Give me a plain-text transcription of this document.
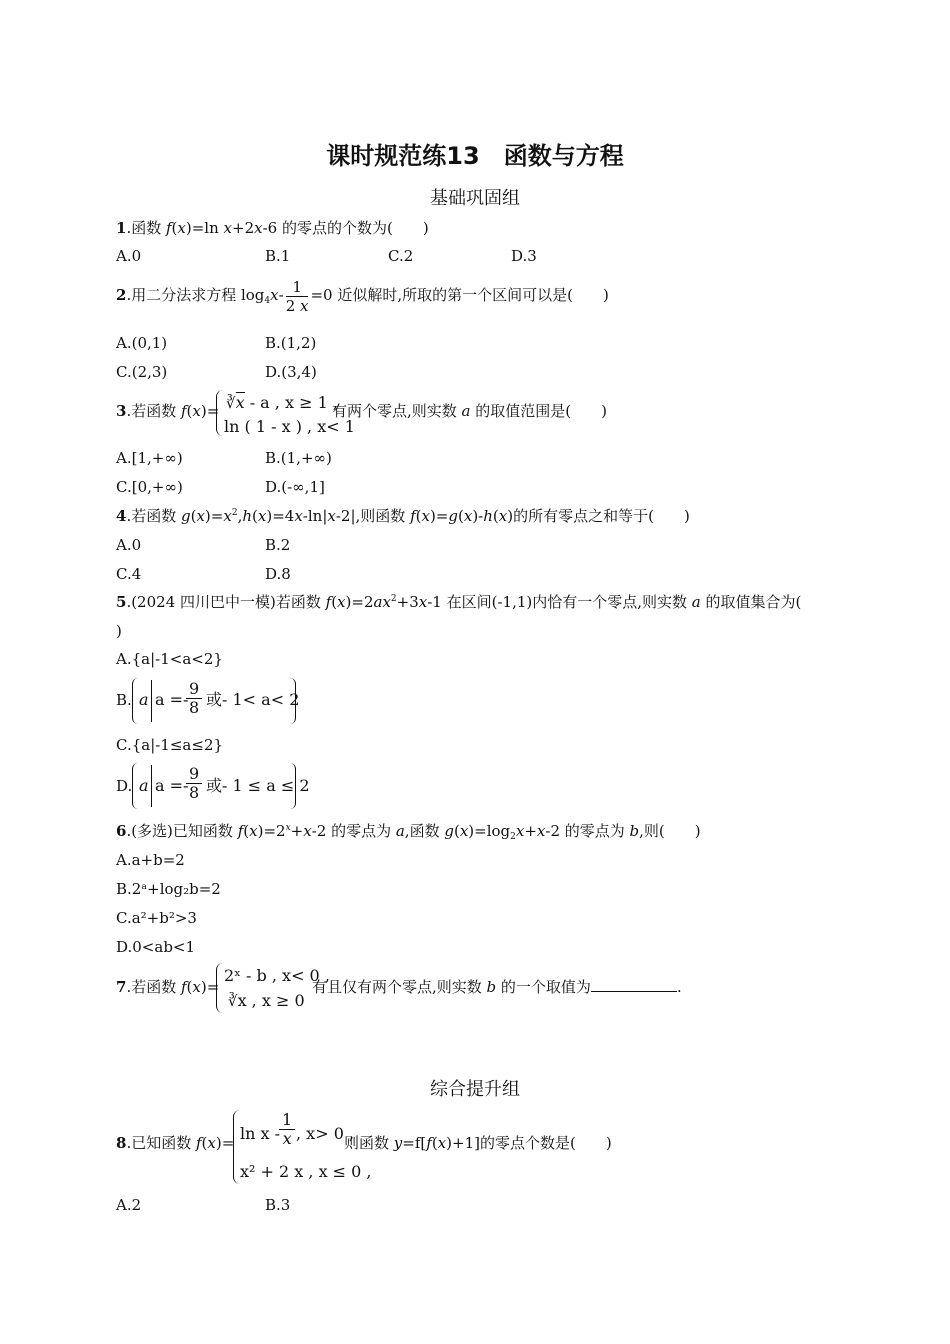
课时规范练13　函数与方程
基础巩固组
1.函数 f(x)=ln x+2x-6 的零点的个数为(　　)
A.0	B.1	C.2	D.3
2.用二分法求方程 $\log_4x- \frac{1}{2 x} =0$ 近似解时,所取的第一个区间可以是(　　)
A.(0,1)	B.(1,2)
C.(2,3)	D.(3,4)
3.若函数 f(x)= ∛x - a , x ≥ 1 ,
ln ( 1 - x ) , x< 1
有两个零点,则实数 a 的取值范围是(　　)
A.[1,+∞)	B.(1,+∞)
C.[0,+∞)	D.(-∞,1]
4.若函数 $g(x)=x^2,h(x)=4x-\ln|x-2|$,则函数 f(x)=g(x)-h(x)的所有零点之和等于(　　)
A.0	B.2
C.4	D.8
5.(2024 四川巴中一模)若函数 $f(x)=2ax^2+3x-1$ 在区间(-1,1)内恰有一个零点,则实数 a 的取值集合为(
)
A.{a|-1<a<2}
B. a a =-
$\frac{9}{8}$ 或- 1< a< 2
C.{a|-1≤a≤2}
D. a a =-
$\frac{9}{8}$ 或- 1 ≤ a ≤ 2
6.(多选)已知函数 $f(x)=2^x+x-2$ 的零点为 a,函数 $g(x)=\log_2x+x-2$ 的零点为 b,则(　　)
A.a+b=2
B.2ᵃ+log₂b=2
C.a²+b²>3
D.0<ab<1
7.若函数 f(x)=
2ˣ - b , x< 0 ,
∛x , x ≥ 0
有且仅有两个零点,则实数 b 的一个取值为	.
综合提升组
8.已知函数 f(x)= ln x -
$\frac{1}{x}$ , x> 0 ,
x² + 2 x , x ≤ 0 ,
则函数 y=f[f(x)+1]的零点个数是(　　)
A.2	B.3
